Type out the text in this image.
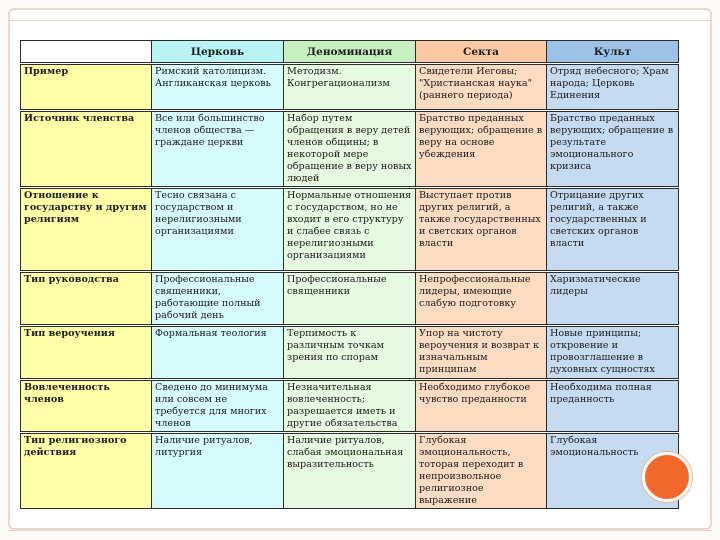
	Церковь	Деноминация	Секта	Культ
Пример	Римский католицизм. Англиканская церковь	Методизм. Конгрегационализм	Свидетели Иеговы; "Христианская наука" (раннего периода)	Отряд небесного; Храм народа; Церковь Единения
Источник членства	Все или большинство членов общества — граждане церкви	Набор путем обращения в веру детей членов общины; в некоторой мере обращение в веру новых людей	Братство преданных верующих; обращение в веру на основе убеждения	Братство преданных верующих; обращение в результате эмоционального кризиса
Отношение к государству и другим религиям	Тесно связана с государством и нерелигиозными организациями	Нормальные отношения с государством, но не входит в его структуру и слабее связь с нерелигиозными организациями	Выступает против других религий, а также государственных и светских органов власти	Отрицание других религий, а также государственных и светских органов власти
Тип руководства	Профессиональные священники, работающие полный рабочий день	Профессиональные священники	Непрофессиональные лидеры, имеющие слабую подготовку	Харизматические лидеры
Тип вероучения	Формальная теология	Терпимость к различным точкам зрения по спорам	Упор на чистоту вероучения и возврат к изначальным принципам	Новые принципы; откровение и провозглашение в духовных сущностях
Вовлеченность членов	Сведено до минимума или совсем не требуется для многих членов	Незначительная вовлеченность; разрешается иметь и другие обязательства	Необходимо глубокое чувство преданности	Необходима полная преданность
Тип религиозного действия	Наличие ритуалов, литургия	Наличие ритуалов, слабая эмоциональная выразительность	Глубокая эмоциональность, тоторая переходит в непроизвольное религиозное выражение	Глубокая эмоциональность
